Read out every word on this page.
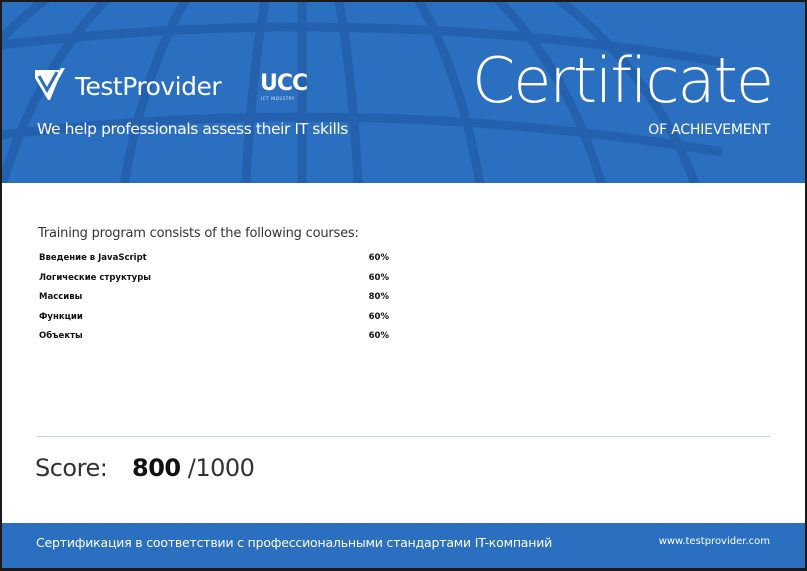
TestProvider UCC
ICT INDUSTRY
We help professionals assess their IT skills
Certificate
OF ACHIEVEMENT
Training program consists of the following courses:
Введение в JavaScript	60%
Логические структуры	60%
Массивы	80%
Функции	60%
Объекты	60%
Score: 800 /1000
Сертификация в соответствии с профессиональными стандартами IT-компаний	www.testprovider.com
